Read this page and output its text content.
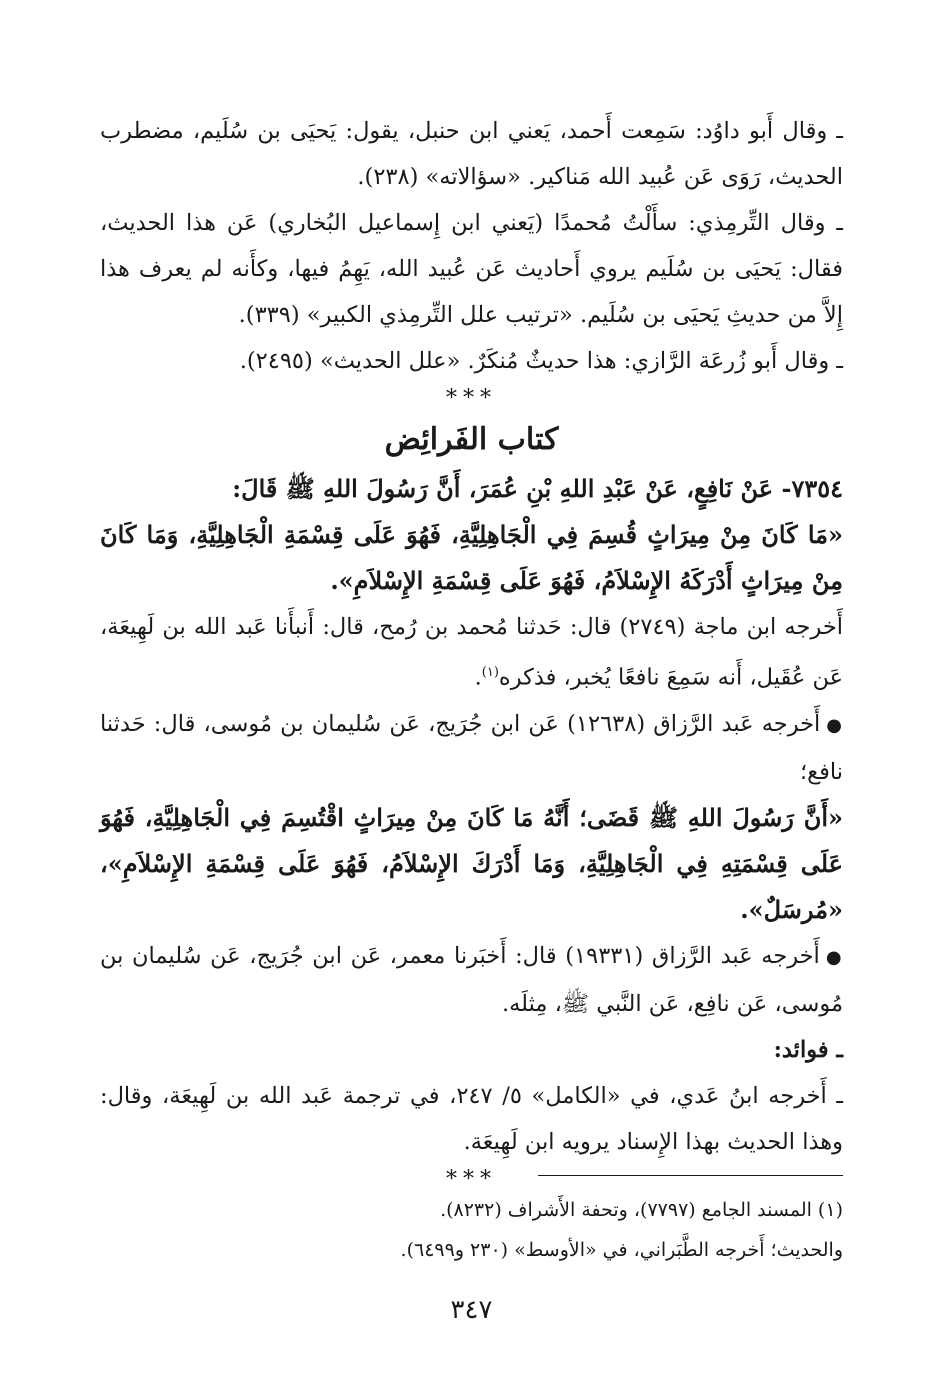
ـ وقال أَبو داوُد: سَمِعت أَحمد، يَعني ابن حنبل، يقول: يَحيَى بن سُلَيم، مضطرب الحديث، رَوَى عَن عُبيد الله مَناكير. «سؤالاته» (٢٣٨).

ـ وقال التِّرمِذي: سأَلْتُ مُحمدًا (يَعني ابن إِسماعيل البُخاري) عَن هذا الحديث، فقال: يَحيَى بن سُلَيم يروي أَحاديث عَن عُبيد الله، يَهِمُ فيها، وكأَنه لم يعرف هذا إِلاَّ من حديثِ يَحيَى بن سُلَيم. «ترتيب علل التِّرمِذي الكبير» (٣٣٩).

ـ وقال أَبو زُرعَة الرَّازي: هذا حديثٌ مُنكَرٌ. «علل الحديث» (٢٤٩٥).

***

كتاب الفَرائِض

٧٣٥٤- عَنْ نَافِعٍ، عَنْ عَبْدِ اللهِ بْنِ عُمَرَ، أَنَّ رَسُولَ اللهِ ﷺ قَالَ:

«مَا كَانَ مِنْ مِيرَاثٍ قُسِمَ فِي الْجَاهِلِيَّةِ، فَهُوَ عَلَى قِسْمَةِ الْجَاهِلِيَّةِ، وَمَا كَانَ مِنْ مِيرَاثٍ أَدْرَكَهُ الإِسْلاَمُ، فَهُوَ عَلَى قِسْمَةِ الإِسْلاَمِ».

أَخرجه ابن ماجة (٢٧٤٩) قال: حَدثنا مُحمد بن رُمح، قال: أَنبأَنا عَبد الله بن لَهِيعَة، عَن عُقَيل، أَنه سَمِعَ نافعًا يُخبر، فذكره$^{(١)}$.

●أَخرجه عَبد الرَّزاق (١٢٦٣٨) عَن ابن جُرَيج، عَن سُليمان بن مُوسى، قال: حَدثنا نافع؛

«أَنَّ رَسُولَ اللهِ ﷺ قَضَى؛ أَنَّهُ مَا كَانَ مِنْ مِيرَاثٍ اقْتُسِمَ فِي الْجَاهِلِيَّةِ، فَهُوَ عَلَى قِسْمَتِهِ فِي الْجَاهِلِيَّةِ، وَمَا أَدْرَكَ الإِسْلاَمُ، فَهُوَ عَلَى قِسْمَةِ الإِسْلاَمِ»، «مُرسَلٌ».

●أَخرجه عَبد الرَّزاق (١٩٣٣١) قال: أَخبَرنا معمر، عَن ابن جُرَيج، عَن سُليمان بن مُوسى، عَن نافِع، عَن النَّبي ﷺ، مِثلَه.

ـ فوائد:

ـ أَخرجه ابنُ عَدي، في «الكامل» ٥/ ٢٤٧، في ترجمة عَبد الله بن لَهِيعَة، وقال: وهذا الحديث بهذا الإِسناد يرويه ابن لَهِيعَة.

***

(١) المسند الجامع (٧٧٩٧)، وتحفة الأَشراف (٨٢٣٢).

والحديث؛ أَخرجه الطَّبَراني، في «الأوسط» (٢٣٠ و٦٤٩٩).

٣٤٧
